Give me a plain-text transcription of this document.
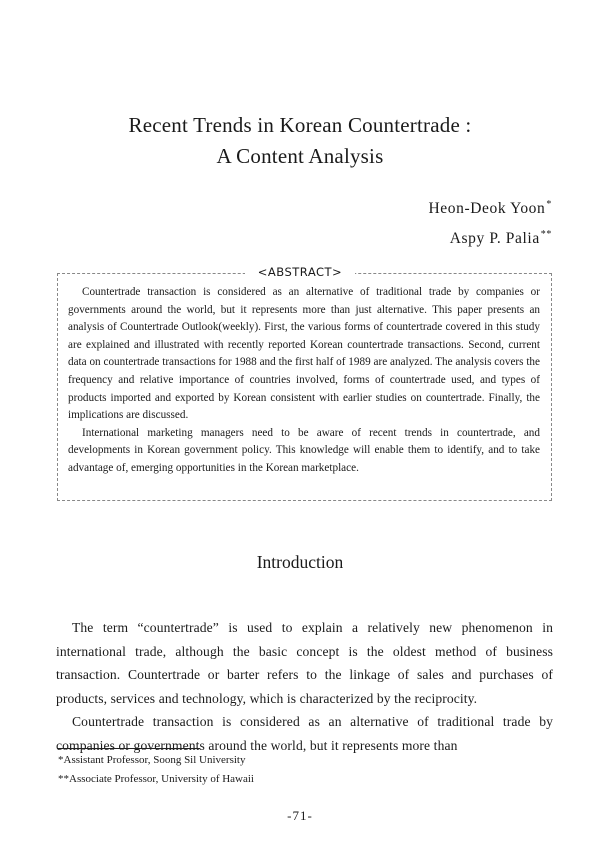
Recent Trends in Korean Countertrade :
A Content Analysis
Heon-Deok Yoon*
Aspy P. Palia**
<ABSTRACT>

Countertrade transaction is considered as an alternative of traditional trade by companies or governments around the world, but it represents more than just alternative. This paper presents an analysis of Countertrade Outlook(weekly). First, the various forms of countertrade covered in this study are explained and illustrated with recently reported Korean countertrade transactions. Second, current data on countertrade transactions for 1988 and the first half of 1989 are analyzed. The analysis covers the frequency and relative importance of countries involved, forms of countertrade used, and types of products imported and exported by Korean consistent with earlier studies on countertrade. Finally, the implications are discussed.

International marketing managers need to be aware of recent trends in countertrade, and developments in Korean government policy. This knowledge will enable them to identify, and to take advantage of, emerging opportunities in the Korean marketplace.

Introduction

The term “countertrade” is used to explain a relatively new phenomenon in international trade, although the basic concept is the oldest method of business transaction. Countertrade or barter refers to the linkage of sales and purchases of products, services and technology, which is characterized by the reciprocity.

Countertrade transaction is considered as an alternative of traditional trade by companies or governments around the world, but it represents more than

*Assistant Professor, Soong Sil University
**Associate Professor, University of Hawaii
-71-
